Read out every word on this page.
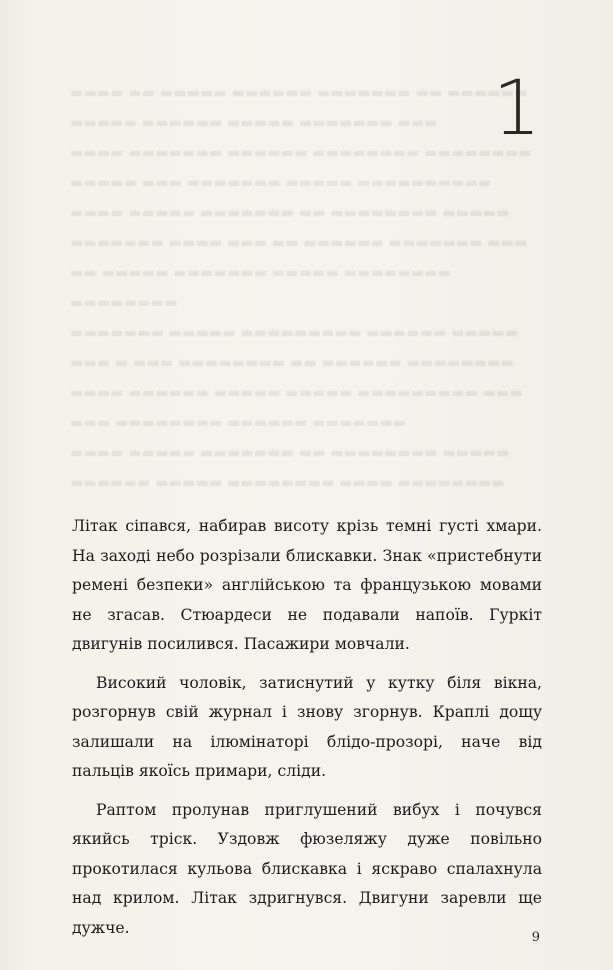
▬▬▬▬ ▬▬ ▬▬▬▬▬ ▬▬▬▬▬▬ ▬▬▬▬▬▬▬ ▬▬ ▬▬▬▬▬▬
▬▬▬▬▬ ▬▬▬▬▬▬ ▬▬▬▬▬ ▬▬▬▬▬▬▬ ▬▬▬
▬▬▬▬ ▬▬▬▬▬▬▬ ▬▬▬▬▬▬ ▬▬▬▬▬▬▬▬ ▬▬▬▬▬▬▬▬
▬▬▬▬▬ ▬▬▬ ▬▬▬▬▬▬▬ ▬▬▬▬▬ ▬▬▬▬▬▬▬▬▬▬
▬▬▬▬ ▬▬▬▬▬ ▬▬▬▬▬▬▬ ▬▬ ▬▬▬▬▬▬▬▬ ▬▬▬▬▬
▬▬▬▬▬▬▬ ▬▬▬▬ ▬▬▬ ▬▬ ▬▬▬▬▬▬ ▬▬▬▬▬▬▬ ▬▬▬
▬▬ ▬▬▬▬▬ ▬▬▬▬▬▬▬ ▬▬▬▬▬ ▬▬▬▬▬▬▬▬
▬▬▬▬▬▬▬▬
▬▬▬▬▬▬▬ ▬▬▬▬▬ ▬▬▬▬▬▬▬▬▬ ▬▬▬▬▬▬ ▬▬▬▬▬
▬▬▬ ▬ ▬▬▬ ▬▬▬▬▬▬▬▬ ▬▬ ▬▬▬▬▬▬ ▬▬▬▬▬▬▬▬
▬▬▬▬ ▬▬▬▬▬▬ ▬▬▬▬▬ ▬▬▬▬▬ ▬▬▬▬▬▬▬▬▬ ▬▬▬
▬▬▬ ▬▬▬▬▬▬▬▬ ▬▬▬▬▬▬ ▬▬▬▬▬▬▬
▬▬▬▬ ▬▬▬▬▬ ▬▬▬▬▬▬▬ ▬▬ ▬▬▬▬▬▬▬▬ ▬▬▬▬▬
▬▬▬▬▬▬ ▬▬▬▬▬ ▬▬▬▬▬▬▬▬ ▬▬▬▬ ▬▬▬▬▬▬▬▬
1

Літак сіпався, набирав висоту крізь темні густі хмари. На заході небо розрізали блискавки. Знак «пристебнути ремені безпеки» англійською та французькою мовами не згасав. Стюардеси не подавали напоїв. Гуркіт двигунів посилився. Пасажири мовчали.

Високий чоловік, затиснутий у кутку біля вікна, розгорнув свій журнал і знову згорнув. Краплі дощу залишали на ілюмінаторі блідо-прозорі, наче від пальців якоїсь примари, сліди.

Раптом пролунав приглушений вибух і почувся якийсь тріск. Уздовж фюзеляжу дуже повільно прокотилася кульова блискавка і яскраво спалахнула над крилом. Літак здригнувся. Двигуни заревли ще дужче.

9
